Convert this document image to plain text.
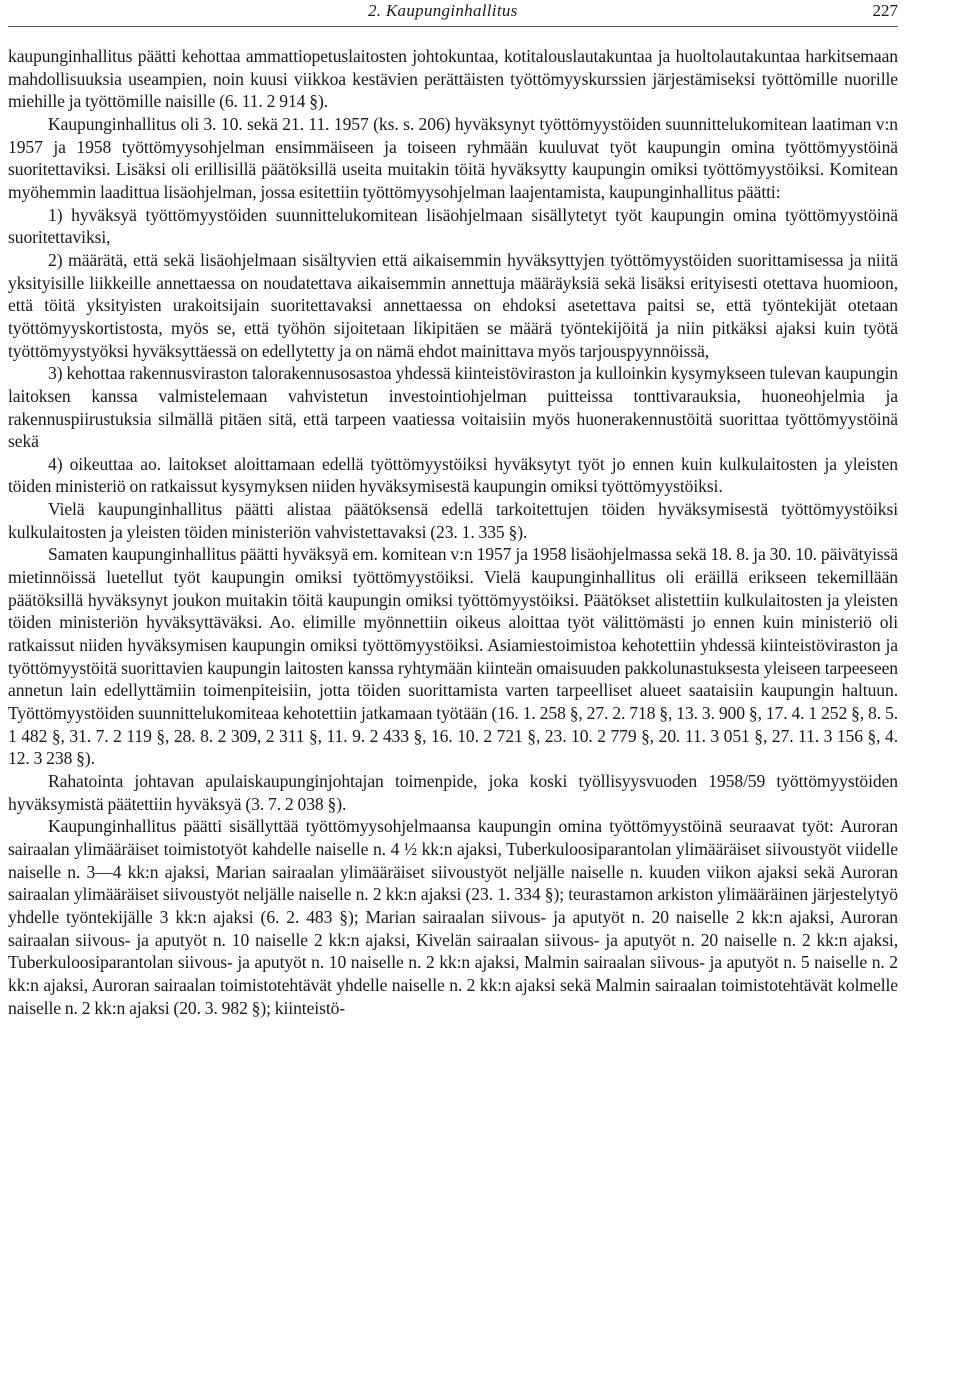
2. Kaupunginhallitus	227

kaupunginhallitus päätti kehottaa ammattiopetuslaitosten johtokuntaa, kotitalouslautakuntaa ja huoltolautakuntaa harkitsemaan mahdollisuuksia useampien, noin kuusi viikkoa kestävien perättäisten työttömyyskurssien järjestämiseksi työttömille nuorille miehille ja työttömille naisille (6. 11. 2 914 §).

Kaupunginhallitus oli 3. 10. sekä 21. 11. 1957 (ks. s. 206) hyväksynyt työttömyystöiden suunnittelukomitean laatiman v:n 1957 ja 1958 työttömyysohjelman ensimmäiseen ja toiseen ryhmään kuuluvat työt kaupungin omina työttömyystöinä suoritettaviksi. Lisäksi oli erillisillä päätöksillä useita muitakin töitä hyväksytty kaupungin omiksi työttömyystöiksi. Komitean myöhemmin laadittua lisäohjelman, jossa esitettiin työttömyysohjelman laajentamista, kaupunginhallitus päätti:

1) hyväksyä työttömyystöiden suunnittelukomitean lisäohjelmaan sisällytetyt työt kaupungin omina työttömyystöinä suoritettaviksi,

2) määrätä, että sekä lisäohjelmaan sisältyvien että aikaisemmin hyväksyttyjen työttömyystöiden suorittamisessa ja niitä yksityisille liikkeille annettaessa on noudatettava aikaisemmin annettuja määräyksiä sekä lisäksi erityisesti otettava huomioon, että töitä yksityisten urakoitsijain suoritettavaksi annettaessa on ehdoksi asetettava paitsi se, että työntekijät otetaan työttömyyskortistosta, myös se, että työhön sijoitetaan likipitäen se määrä työntekijöitä ja niin pitkäksi ajaksi kuin työtä työttömyystyöksi hyväksyttäessä on edellytetty ja on nämä ehdot mainittava myös tarjouspyynnöissä,

3) kehottaa rakennusviraston talorakennusosastoa yhdessä kiinteistöviraston ja kulloinkin kysymykseen tulevan kaupungin laitoksen kanssa valmistelemaan vahvistetun investointiohjelman puitteissa tonttivarauksia, huoneohjelmia ja rakennuspiirustuksia silmällä pitäen sitä, että tarpeen vaatiessa voitaisiin myös huonerakennustöitä suorittaa työttömyystöinä sekä

4) oikeuttaa ao. laitokset aloittamaan edellä työttömyystöiksi hyväksytyt työt jo ennen kuin kulkulaitosten ja yleisten töiden ministeriö on ratkaissut kysymyksen niiden hyväksymisestä kaupungin omiksi työttömyystöiksi.

Vielä kaupunginhallitus päätti alistaa päätöksensä edellä tarkoitettujen töiden hyväksymisestä työttömyystöiksi kulkulaitosten ja yleisten töiden ministeriön vahvistettavaksi (23. 1. 335 §).

Samaten kaupunginhallitus päätti hyväksyä em. komitean v:n 1957 ja 1958 lisäohjelmassa sekä 18. 8. ja 30. 10. päivätyissä mietinnöissä luetellut työt kaupungin omiksi työttömyystöiksi. Vielä kaupunginhallitus oli eräillä erikseen tekemillään päätöksillä hyväksynyt joukon muitakin töitä kaupungin omiksi työttömyystöiksi. Päätökset alistettiin kulkulaitosten ja yleisten töiden ministeriön hyväksyttäväksi. Ao. elimille myönnettiin oikeus aloittaa työt välittömästi jo ennen kuin ministeriö oli ratkaissut niiden hyväksymisen kaupungin omiksi työttömyystöiksi. Asiamiestoimistoa kehotettiin yhdessä kiinteistöviraston ja työttömyystöitä suorittavien kaupungin laitosten kanssa ryhtymään kiinteän omaisuuden pakkolunastuksesta yleiseen tarpeeseen annetun lain edellyttämiin toimenpiteisiin, jotta töiden suorittamista varten tarpeelliset alueet saataisiin kaupungin haltuun. Työttömyystöiden suunnittelukomiteaa kehotettiin jatkamaan työtään (16. 1. 258 §, 27. 2. 718 §, 13. 3. 900 §, 17. 4. 1 252 §, 8. 5. 1 482 §, 31. 7. 2 119 §, 28. 8. 2 309, 2 311 §, 11. 9. 2 433 §, 16. 10. 2 721 §, 23. 10. 2 779 §, 20. 11. 3 051 §, 27. 11. 3 156 §, 4. 12. 3 238 §).

Rahatointa johtavan apulaiskaupunginjohtajan toimenpide, joka koski työllisyysvuoden 1958/59 työttömyystöiden hyväksymistä päätettiin hyväksyä (3. 7. 2 038 §).

Kaupunginhallitus päätti sisällyttää työttömyysohjelmaansa kaupungin omina työttömyystöinä seuraavat työt: Auroran sairaalan ylimääräiset toimistotyöt kahdelle naiselle n. 4 ½ kk:n ajaksi, Tuberkuloosiparantolan ylimääräiset siivoustyöt viidelle naiselle n. 3—4 kk:n ajaksi, Marian sairaalan ylimääräiset siivoustyöt neljälle naiselle n. kuuden viikon ajaksi sekä Auroran sairaalan ylimääräiset siivoustyöt neljälle naiselle n. 2 kk:n ajaksi (23. 1. 334 §); teurastamon arkiston ylimääräinen järjestelytyö yhdelle työntekijälle 3 kk:n ajaksi (6. 2. 483 §); Marian sairaalan siivous- ja aputyöt n. 20 naiselle 2 kk:n ajaksi, Auroran sairaalan siivous- ja aputyöt n. 10 naiselle 2 kk:n ajaksi, Kivelän sairaalan siivous- ja aputyöt n. 20 naiselle n. 2 kk:n ajaksi, Tuberkuloosiparantolan siivous- ja aputyöt n. 10 naiselle n. 2 kk:n ajaksi, Malmin sairaalan siivous- ja aputyöt n. 5 naiselle n. 2 kk:n ajaksi, Auroran sairaalan toimistotehtävät yhdelle naiselle n. 2 kk:n ajaksi sekä Malmin sairaalan toimistotehtävät kolmelle naiselle n. 2 kk:n ajaksi (20. 3. 982 §); kiinteistö-
